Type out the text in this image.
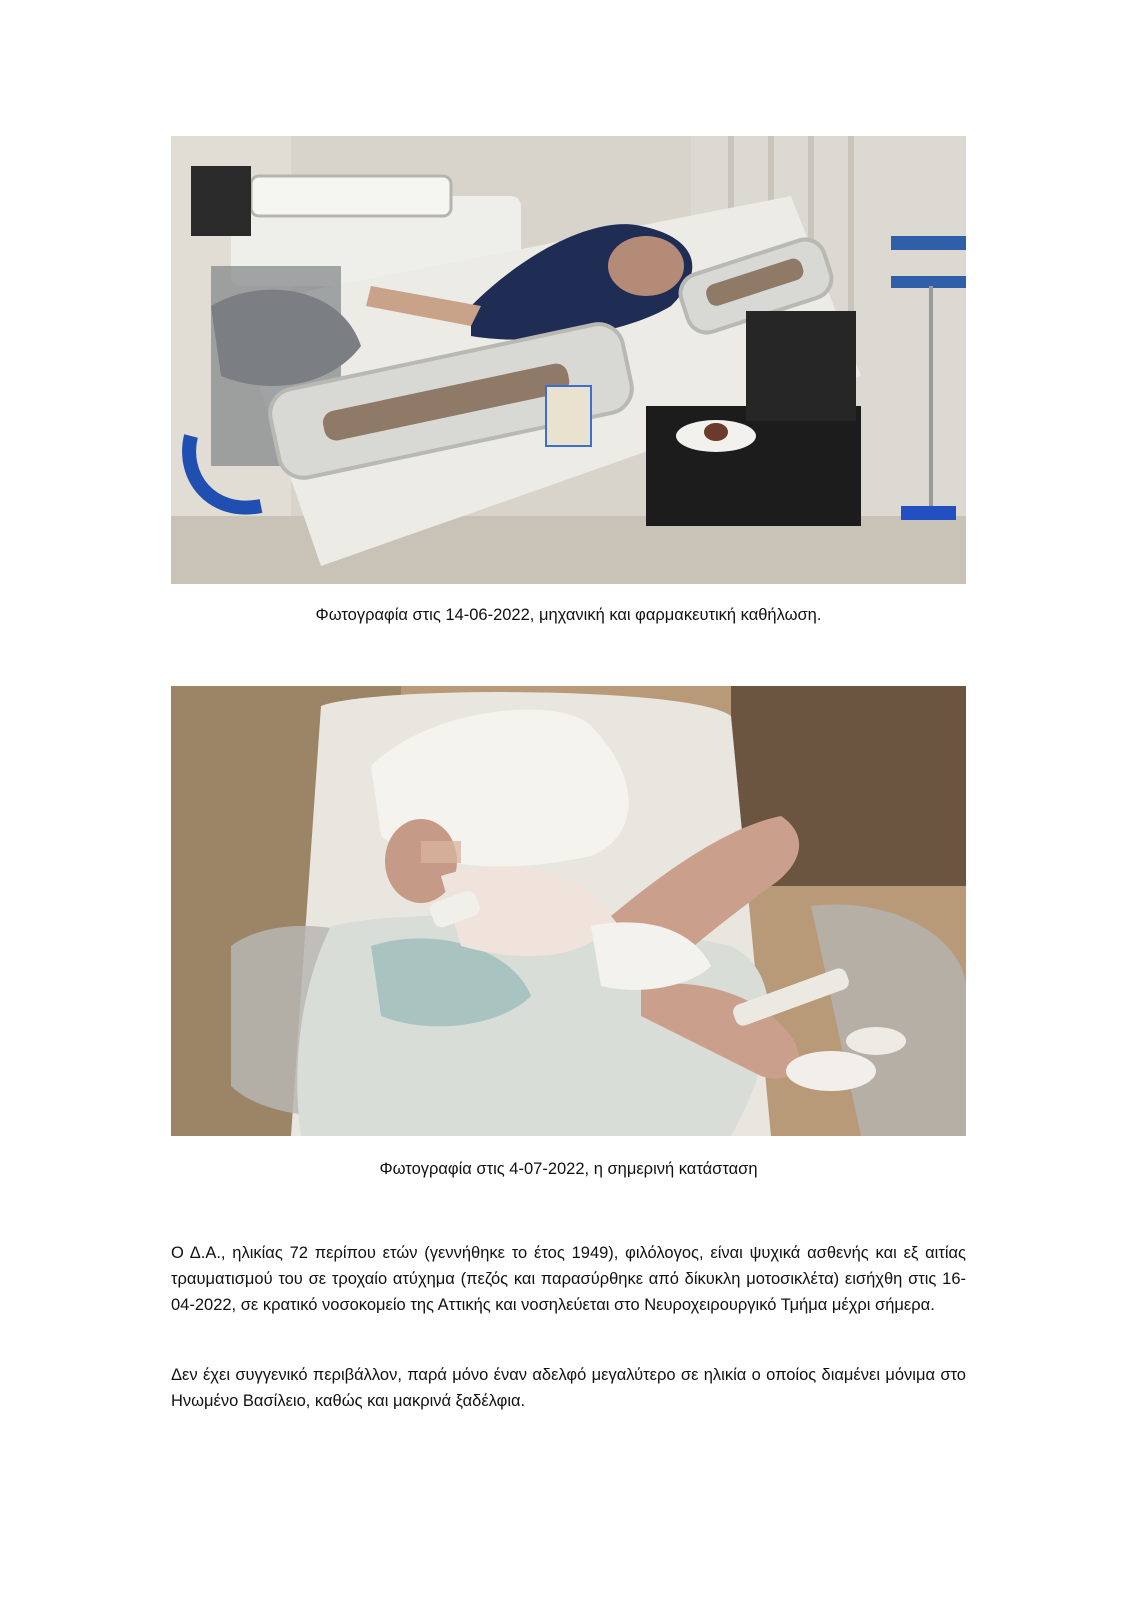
Φωτογραφία στις 14-06-2022, μηχανική και φαρμακευτική καθήλωση.
Φωτογραφία στις 4-07-2022, η σημερινή κατάσταση

Ο Δ.Α., ηλικίας 72 περίπου ετών (γεννήθηκε το έτος 1949), φιλόλογος, είναι ψυχικά ασθενής και εξ αιτίας τραυματισμού του σε τροχαίο ατύχημα (πεζός και παρασύρθηκε από δίκυκλη μοτοσικλέτα) εισήχθη στις 16-04-2022, σε κρατικό νοσοκομείο της Αττικής και νοσηλεύεται στο Νευροχειρουργικό Τμήμα μέχρι σήμερα.

Δεν έχει συγγενικό περιβάλλον, παρά μόνο έναν αδελφό μεγαλύτερο σε ηλικία ο οποίος διαμένει μόνιμα στο Ηνωμένο Βασίλειο, καθώς και μακρινά ξαδέλφια.
